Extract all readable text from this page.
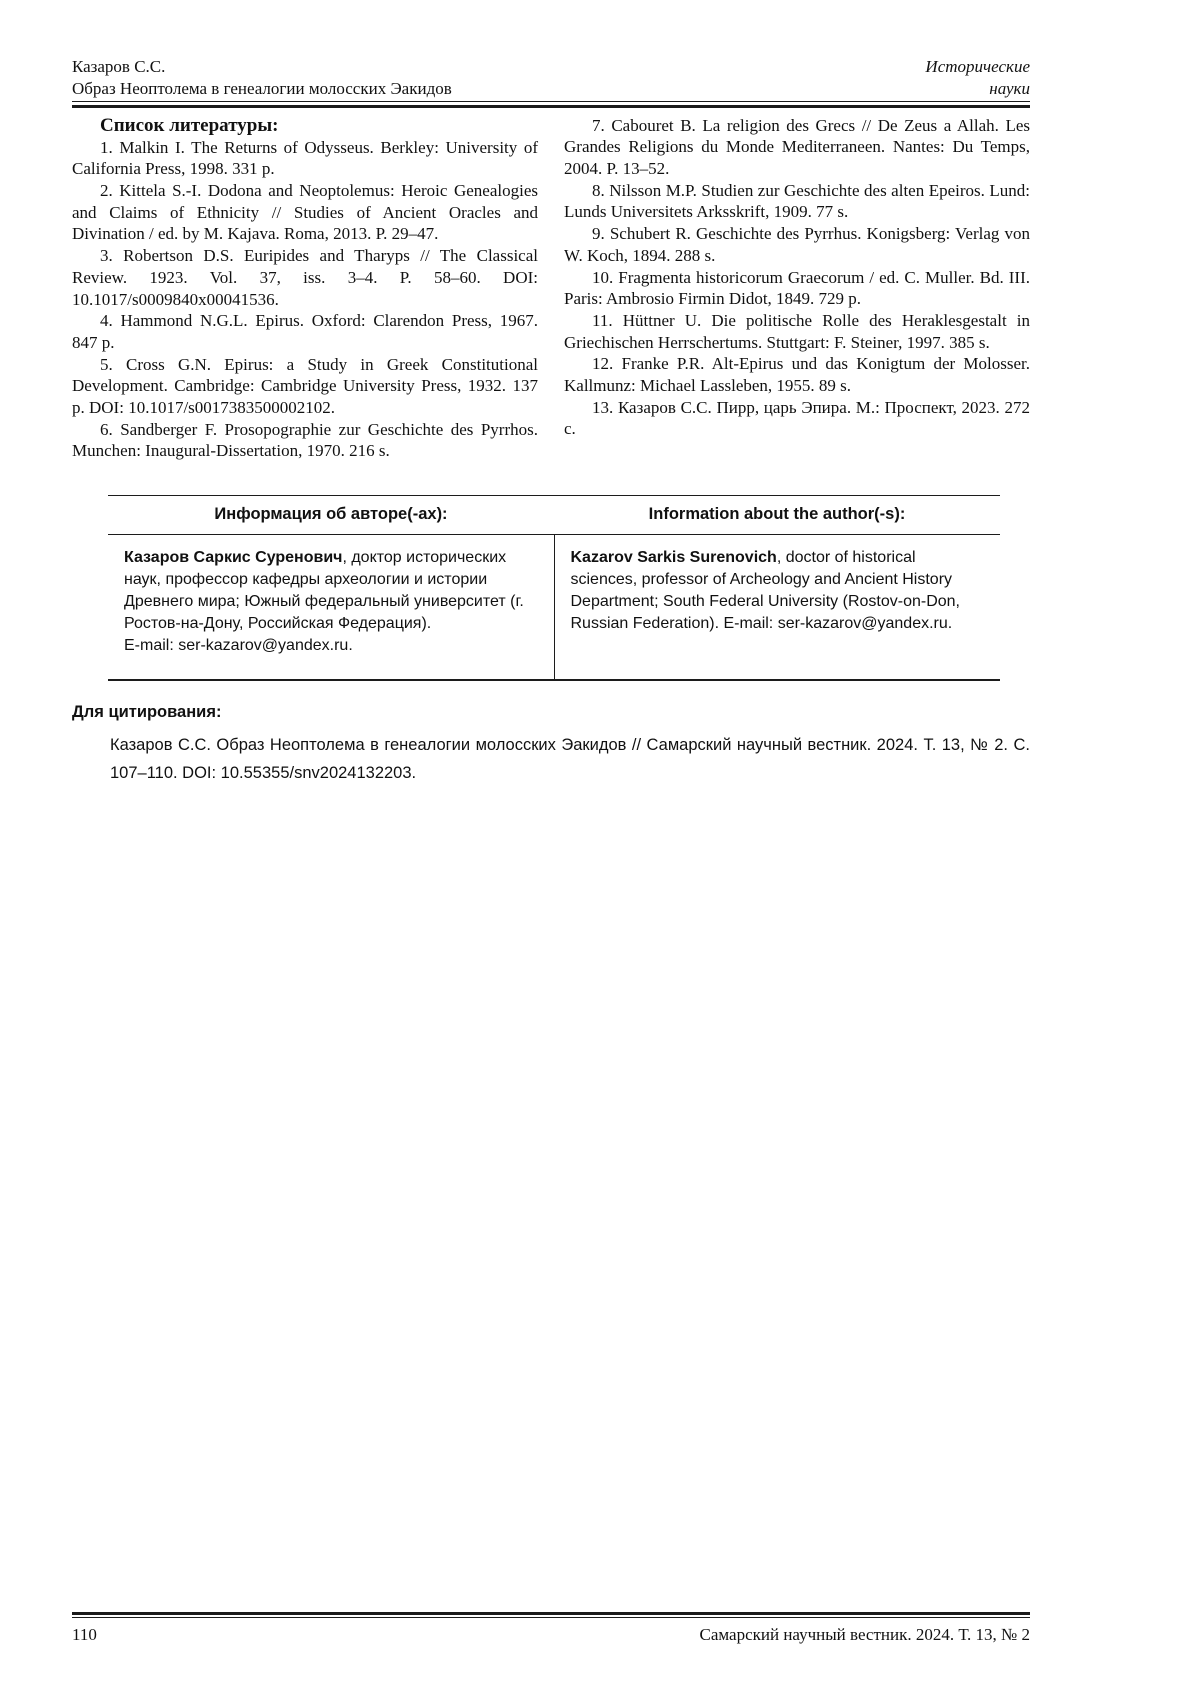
Казаров С.С.
Образ Неоптолема в генеалогии молосских Эакидов
Исторические
науки

Список литературы:

1. Malkin I. The Returns of Odysseus. Berkley: University of California Press, 1998. 331 p.

2. Kittela S.-I. Dodona and Neoptolemus: Heroic Genealogies and Claims of Ethnicity // Studies of Ancient Oracles and Divination / ed. by M. Kajava. Roma, 2013. P. 29–47.

3. Robertson D.S. Euripides and Tharyps // The Classical Review. 1923. Vol. 37, iss. 3–4. P. 58–60. DOI: 10.1017/s0009840x00041536.

4. Hammond N.G.L. Epirus. Oxford: Clarendon Press, 1967. 847 p.

5. Cross G.N. Epirus: a Study in Greek Constitutional Development. Cambridge: Cambridge University Press, 1932. 137 p. DOI: 10.1017/s0017383500002102.

6. Sandberger F. Prosopographie zur Geschichte des Pyrrhos. Munchen: Inaugural-Dissertation, 1970. 216 s.

7. Cabouret B. La religion des Grecs // De Zeus a Allah. Les Grandes Religions du Monde Mediterraneen. Nantes: Du Temps, 2004. P. 13–52.

8. Nilsson M.P. Studien zur Geschichte des alten Epeiros. Lund: Lunds Universitets Arksskrift, 1909. 77 s.

9. Schubert R. Geschichte des Pyrrhus. Konigsberg: Verlag von W. Koch, 1894. 288 s.

10. Fragmenta historicorum Graecorum / ed. C. Muller. Bd. III. Paris: Ambrosio Firmin Didot, 1849. 729 p.

11. Hüttner U. Die politische Rolle des Heraklesgestalt in Griechischen Herrschertums. Stuttgart: F. Steiner, 1997. 385 s.

12. Franke P.R. Alt-Epirus und das Konigtum der Molosser. Kallmunz: Michael Lassleben, 1955. 89 s.

13. Казаров С.С. Пирр, царь Эпира. М.: Проспект, 2023. 272 с.

Информация об авторе(-ах):	Information about the author(-s):
Казаров Саркис Суренович, доктор исторических наук, профессор кафедры археологии и истории Древнего мира; Южный федеральный университет (г. Ростов-на-Дону, Российская Федерация).
E-mail: ser-kazarov@yandex.ru.
	Kazarov Sarkis Surenovich, doctor of historical sciences, professor of Archeology and Ancient History Department; South Federal University (Rostov-on-Don, Russian Federation). E-mail: ser-kazarov@yandex.ru.
Для цитирования:

Казаров С.С. Образ Неоптолема в генеалогии молосских Эакидов // Самарский научный вестник. 2024. Т. 13, № 2. С. 107–110. DOI: 10.55355/snv2024132203.

110	Самарский научный вестник. 2024. Т. 13, № 2
